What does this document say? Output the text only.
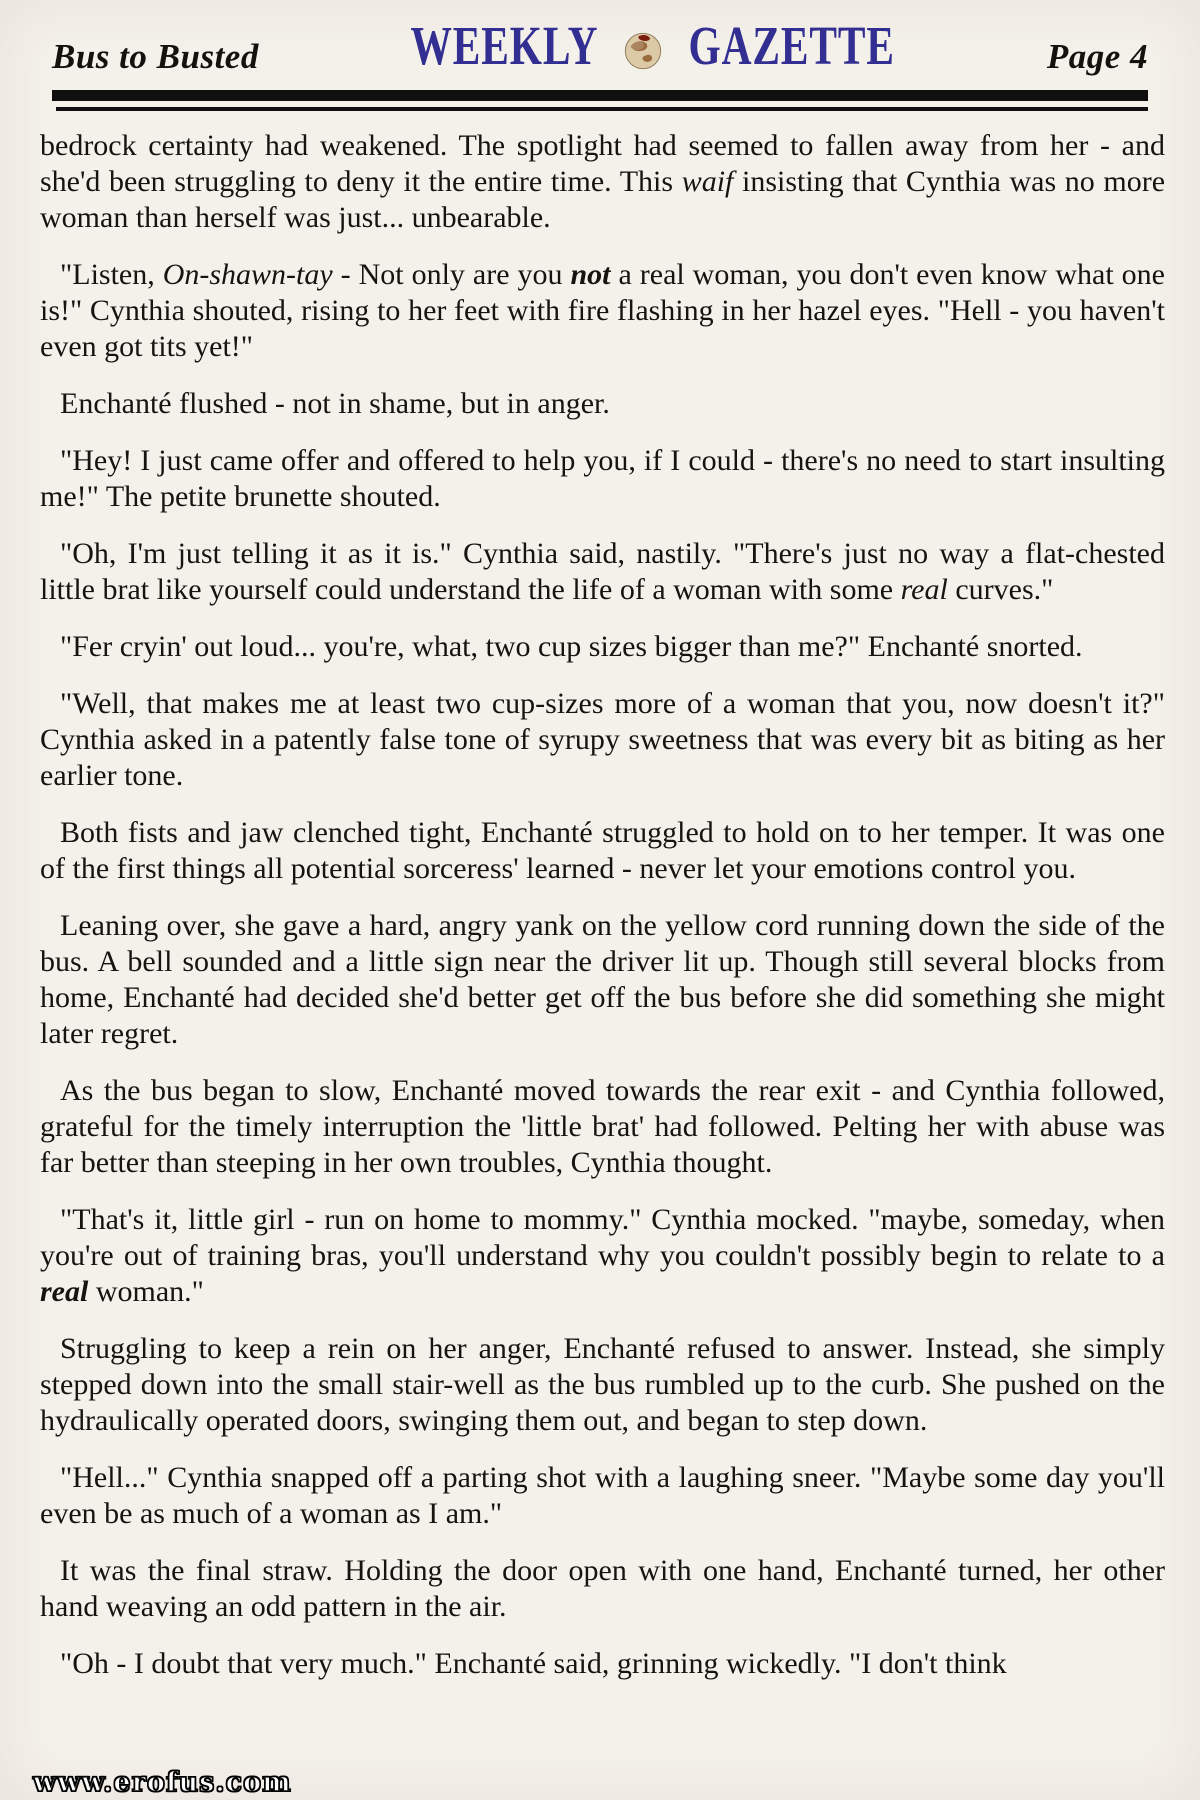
Bus to Busted	WEEKLY GAZETTE	Page 4

bedrock certainty had weakened. The spotlight had seemed to fallen away from her - and she'd been struggling to deny it the entire time. This waif insisting that Cynthia was no more woman than herself was just... unbearable.

"Listen, On-shawn-tay - Not only are you not a real woman, you don't even know what one is!" Cynthia shouted, rising to her feet with fire flashing in her hazel eyes. "Hell - you haven't even got tits yet!"

Enchanté flushed - not in shame, but in anger.

"Hey! I just came offer and offered to help you, if I could - there's no need to start insulting me!" The petite brunette shouted.

"Oh, I'm just telling it as it is." Cynthia said, nastily. "There's just no way a flat-chested little brat like yourself could understand the life of a woman with some real curves."

"Fer cryin' out loud... you're, what, two cup sizes bigger than me?" Enchanté snorted.

"Well, that makes me at least two cup-sizes more of a woman that you, now doesn't it?" Cynthia asked in a patently false tone of syrupy sweetness that was every bit as biting as her earlier tone.

Both fists and jaw clenched tight, Enchanté struggled to hold on to her temper. It was one of the first things all potential sorceress' learned - never let your emotions control you.

Leaning over, she gave a hard, angry yank on the yellow cord running down the side of the bus. A bell sounded and a little sign near the driver lit up. Though still several blocks from home, Enchanté had decided she'd better get off the bus before she did something she might later regret.

As the bus began to slow, Enchanté moved towards the rear exit - and Cynthia followed, grateful for the timely interruption the 'little brat' had followed. Pelting her with abuse was far better than steeping in her own troubles, Cynthia thought.

"That's it, little girl - run on home to mommy." Cynthia mocked. "maybe, someday, when you're out of training bras, you'll understand why you couldn't possibly begin to relate to a real woman."

Struggling to keep a rein on her anger, Enchanté refused to answer. Instead, she simply stepped down into the small stair-well as the bus rumbled up to the curb. She pushed on the hydraulically operated doors, swinging them out, and began to step down.

"Hell..." Cynthia snapped off a parting shot with a laughing sneer. "Maybe some day you'll even be as much of a woman as I am."

It was the final straw. Holding the door open with one hand, Enchanté turned, her other hand weaving an odd pattern in the air.

"Oh - I doubt that very much." Enchanté said, grinning wickedly. "I don't think

www.erofus.com
